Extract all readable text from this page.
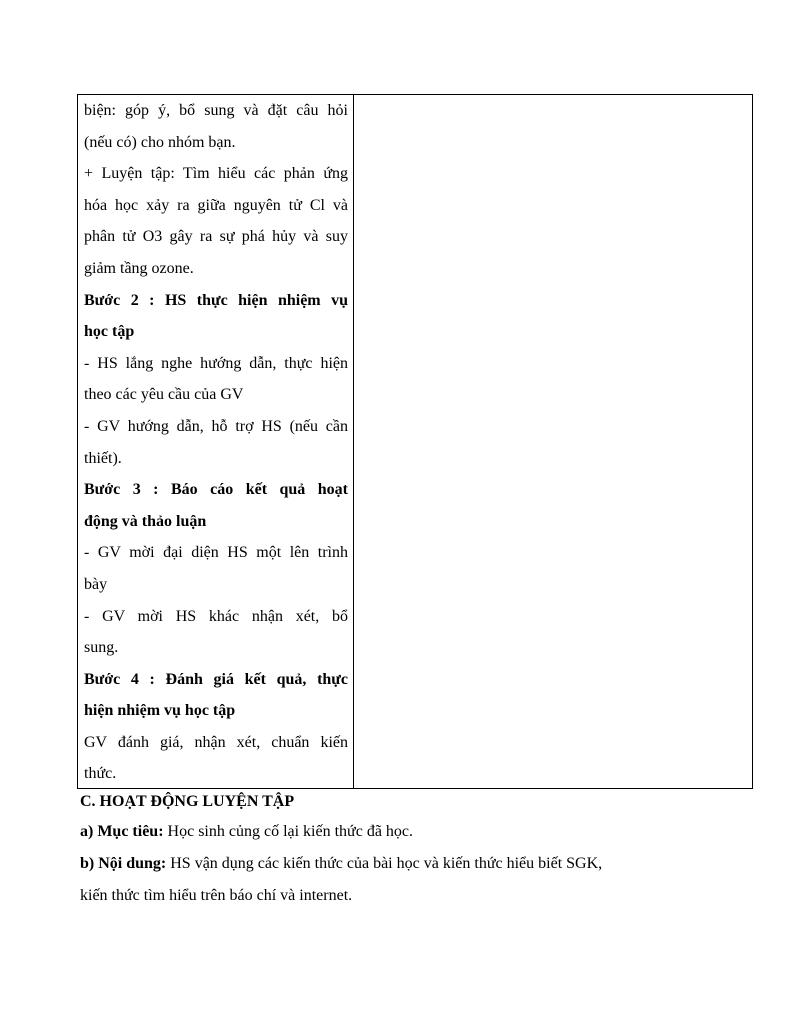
biện: góp ý, bổ sung và đặt câu hỏi
(nếu có) cho nhóm bạn.
+ Luyện tập: Tìm hiểu các phản ứng
hóa học xảy ra giữa nguyên tử Cl và
phân tử O3 gây ra sự phá hủy và suy
giảm tầng ozone.
Bước 2 : HS thực hiện nhiệm vụ
học tập
- HS lắng nghe hướng dẫn, thực hiện
theo các yêu cầu của GV
- GV hướng dẫn, hỗ trợ HS (nếu cần
thiết).
Bước 3 : Báo cáo kết quả hoạt
động và thảo luận
- GV mời đại diện HS một lên trình
bày
- GV mời HS khác nhận xét, bổ
sung.
Bước 4 : Đánh giá kết quả, thực
hiện nhiệm vụ học tập
GV đánh giá, nhận xét, chuẩn kiến
thức.
C. HOẠT ĐỘNG LUYỆN TẬP
a) Mục tiêu: Học sinh củng cố lại kiến thức đã học.
b) Nội dung: HS vận dụng các kiến thức của bài học và kiến thức hiểu biết SGK,
kiến thức tìm hiểu trên báo chí và internet.
